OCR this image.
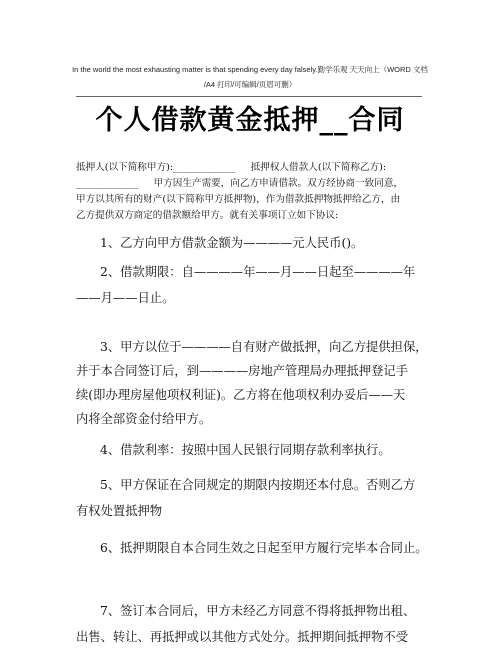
In the world the most exhausting matter is that spending every day falsely.勤学乐观 天天向上（WORD 文档
/A4 打印/可编辑/页眉可删）
个人借款黄金抵押__合同
抵押人(以下简称甲方):_____________     抵押权人借款人(以下简称乙方):
_____________     甲方因生产需要，向乙方申请借款。双方经协商一致同意，
甲方以其所有的财产(以下简称甲方抵押物)，作为借款抵押物抵押给乙方，由
乙方提供双方商定的借款额给甲方。就有关事项订立如下协议:
1、乙方向甲方借款金额为————元人民币()。
2、借款期限：自————年——月——日起至————年
——月——日止。
3、甲方以位于————自有财产做抵押，向乙方提供担保，
并于本合同签订后，到————房地产管理局办理抵押登记手
续(即办理房屋他项权利证)。乙方将在他项权利办妥后——天
内将全部资金付给甲方。
4、借款利率：按照中国人民银行同期存款利率执行。
5、甲方保证在合同规定的期限内按期还本付息。否则乙方
有权处置抵押物
6、抵押期限自本合同生效之日起至甲方履行完毕本合同止。
7、签订本合同后，甲方未经乙方同意不得将抵押物出租、
出售、转让、再抵押或以其他方式处分。抵押期间抵押物不受
